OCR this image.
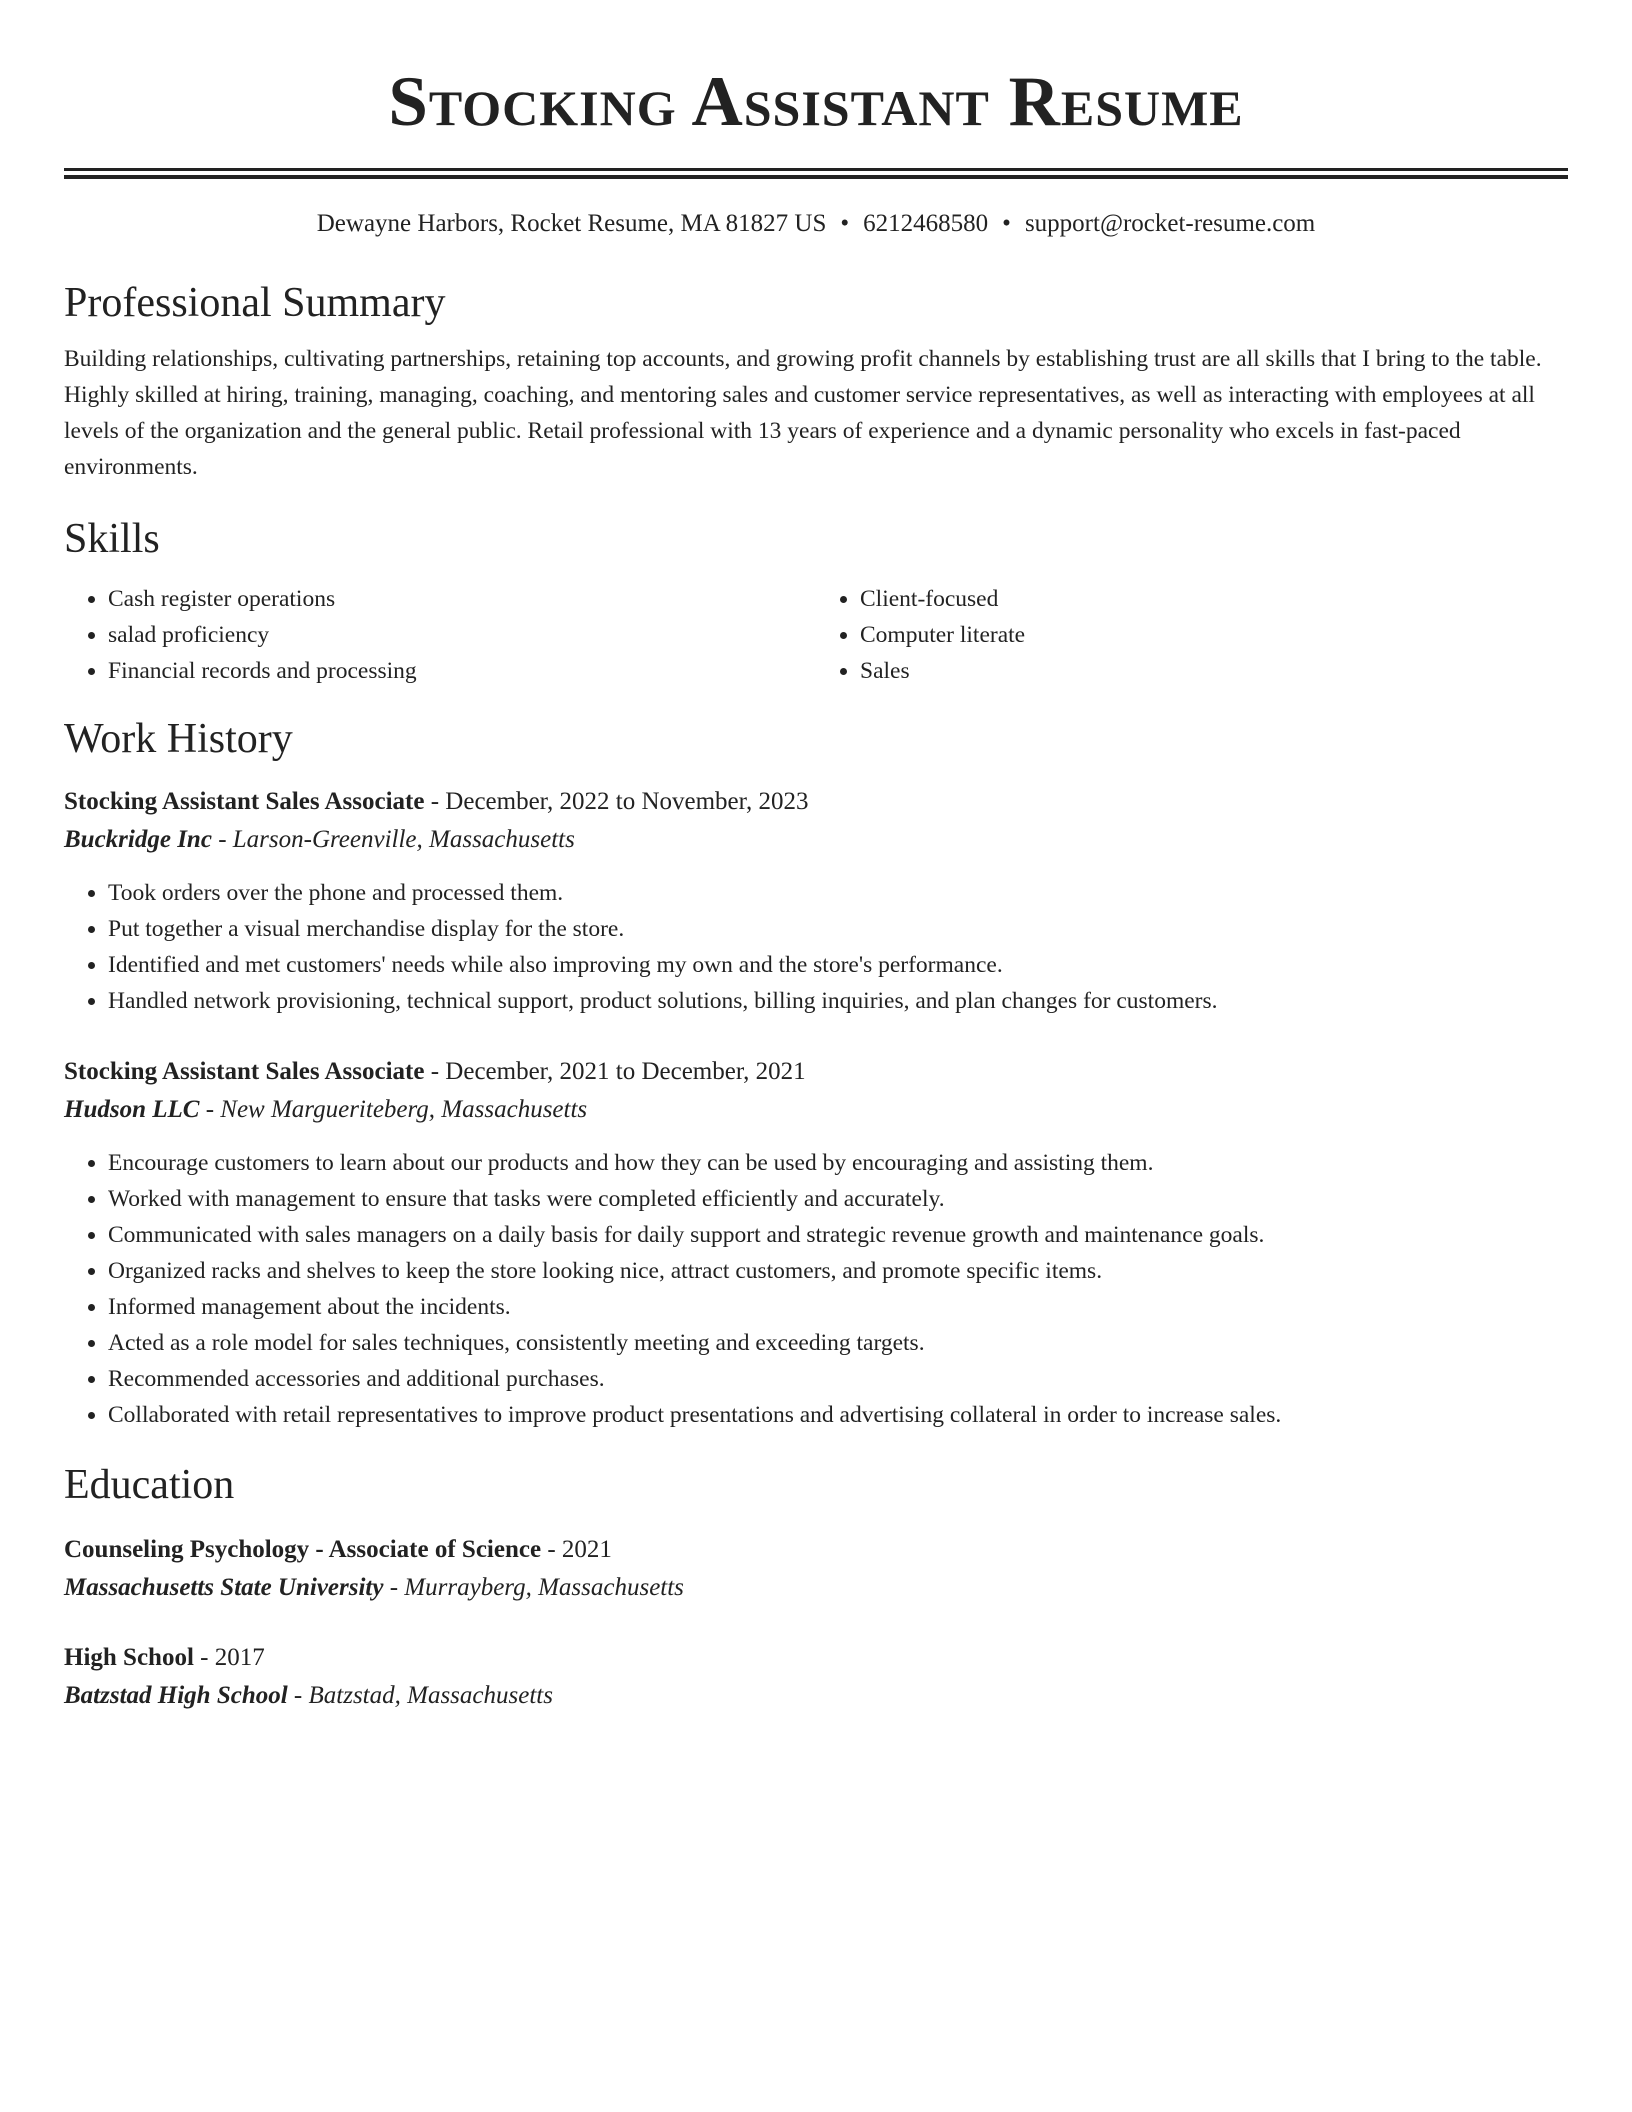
Stocking Assistant Resume
Dewayne Harbors, Rocket Resume, MA 81827 US • 6212468580 • support@rocket-resume.com
Professional Summary

Building relationships, cultivating partnerships, retaining top accounts, and growing profit channels by establishing trust are all skills that I bring to the table. Highly skilled at hiring, training, managing, coaching, and mentoring sales and customer service representatives, as well as interacting with employees at all levels of the organization and the general public. Retail professional with 13 years of experience and a dynamic personality who excels in fast-paced environments.

Skills
• Cash register operations
• salad proficiency
• Financial records and processing
• Client-focused
• Computer literate
• Sales
Work History
Stocking Assistant Sales Associate - December, 2022 to November, 2023
Buckridge Inc - Larson-Greenville, Massachusetts
• Took orders over the phone and processed them.
• Put together a visual merchandise display for the store.
• Identified and met customers' needs while also improving my own and the store's performance.
• Handled network provisioning, technical support, product solutions, billing inquiries, and plan changes for customers.
Stocking Assistant Sales Associate - December, 2021 to December, 2021
Hudson LLC - New Margueriteberg, Massachusetts
• Encourage customers to learn about our products and how they can be used by encouraging and assisting them.
• Worked with management to ensure that tasks were completed efficiently and accurately.
• Communicated with sales managers on a daily basis for daily support and strategic revenue growth and maintenance goals.
• Organized racks and shelves to keep the store looking nice, attract customers, and promote specific items.
• Informed management about the incidents.
• Acted as a role model for sales techniques, consistently meeting and exceeding targets.
• Recommended accessories and additional purchases.
• Collaborated with retail representatives to improve product presentations and advertising collateral in order to increase sales.
Education
Counseling Psychology - Associate of Science - 2021
Massachusetts State University - Murrayberg, Massachusetts
High School - 2017
Batzstad High School - Batzstad, Massachusetts
